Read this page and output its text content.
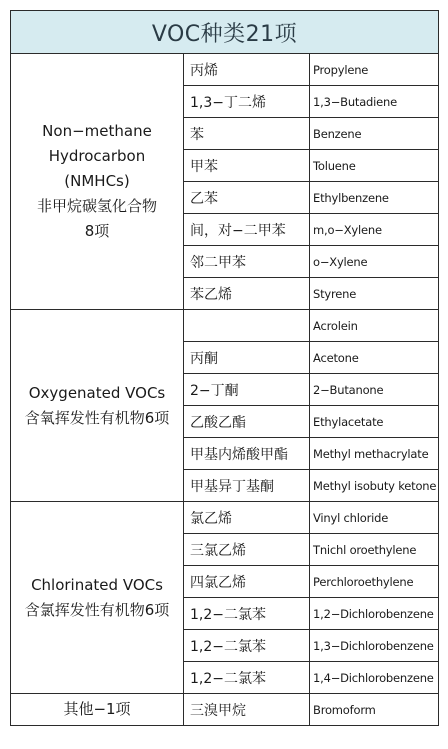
VOC种类21项		

Non−methane
Hydrocarbon
(NMHCs)
非甲烷碳氢化合物
8项	丙烯	Propylene
	1,3−丁二烯	1,3−Butadiene
	苯	Benzene
	甲苯	Toluene
	乙苯	Ethylbenzene
	间，对−二甲苯	m,o−Xylene
	邻二甲苯	o−Xylene
	苯乙烯	Styrene

Oxygenated VOCs
含氧挥发性有机物6项		Acrolein
	丙酮	Acetone
	2−丁酮	2−Butanone
	乙酸乙酯	Ethylacetate
	甲基内烯酸甲酯	Methyl methacrylate
	甲基异丁基酮	Methyl isobuty ketone

Chlorinated VOCs
含氯挥发性有机物6项	氯乙烯	Vinyl chloride
	三氯乙烯	Tnichl oroethylene
	四氯乙烯	Perchloroethylene
	1,2−二氯苯	1,2−Dichlorobenzene
	1,2−二氯苯	1,3−Dichlorobenzene
	1,2−二氯苯	1,4−Dichlorobenzene

其他−1项	三溴甲烷	Bromoform
